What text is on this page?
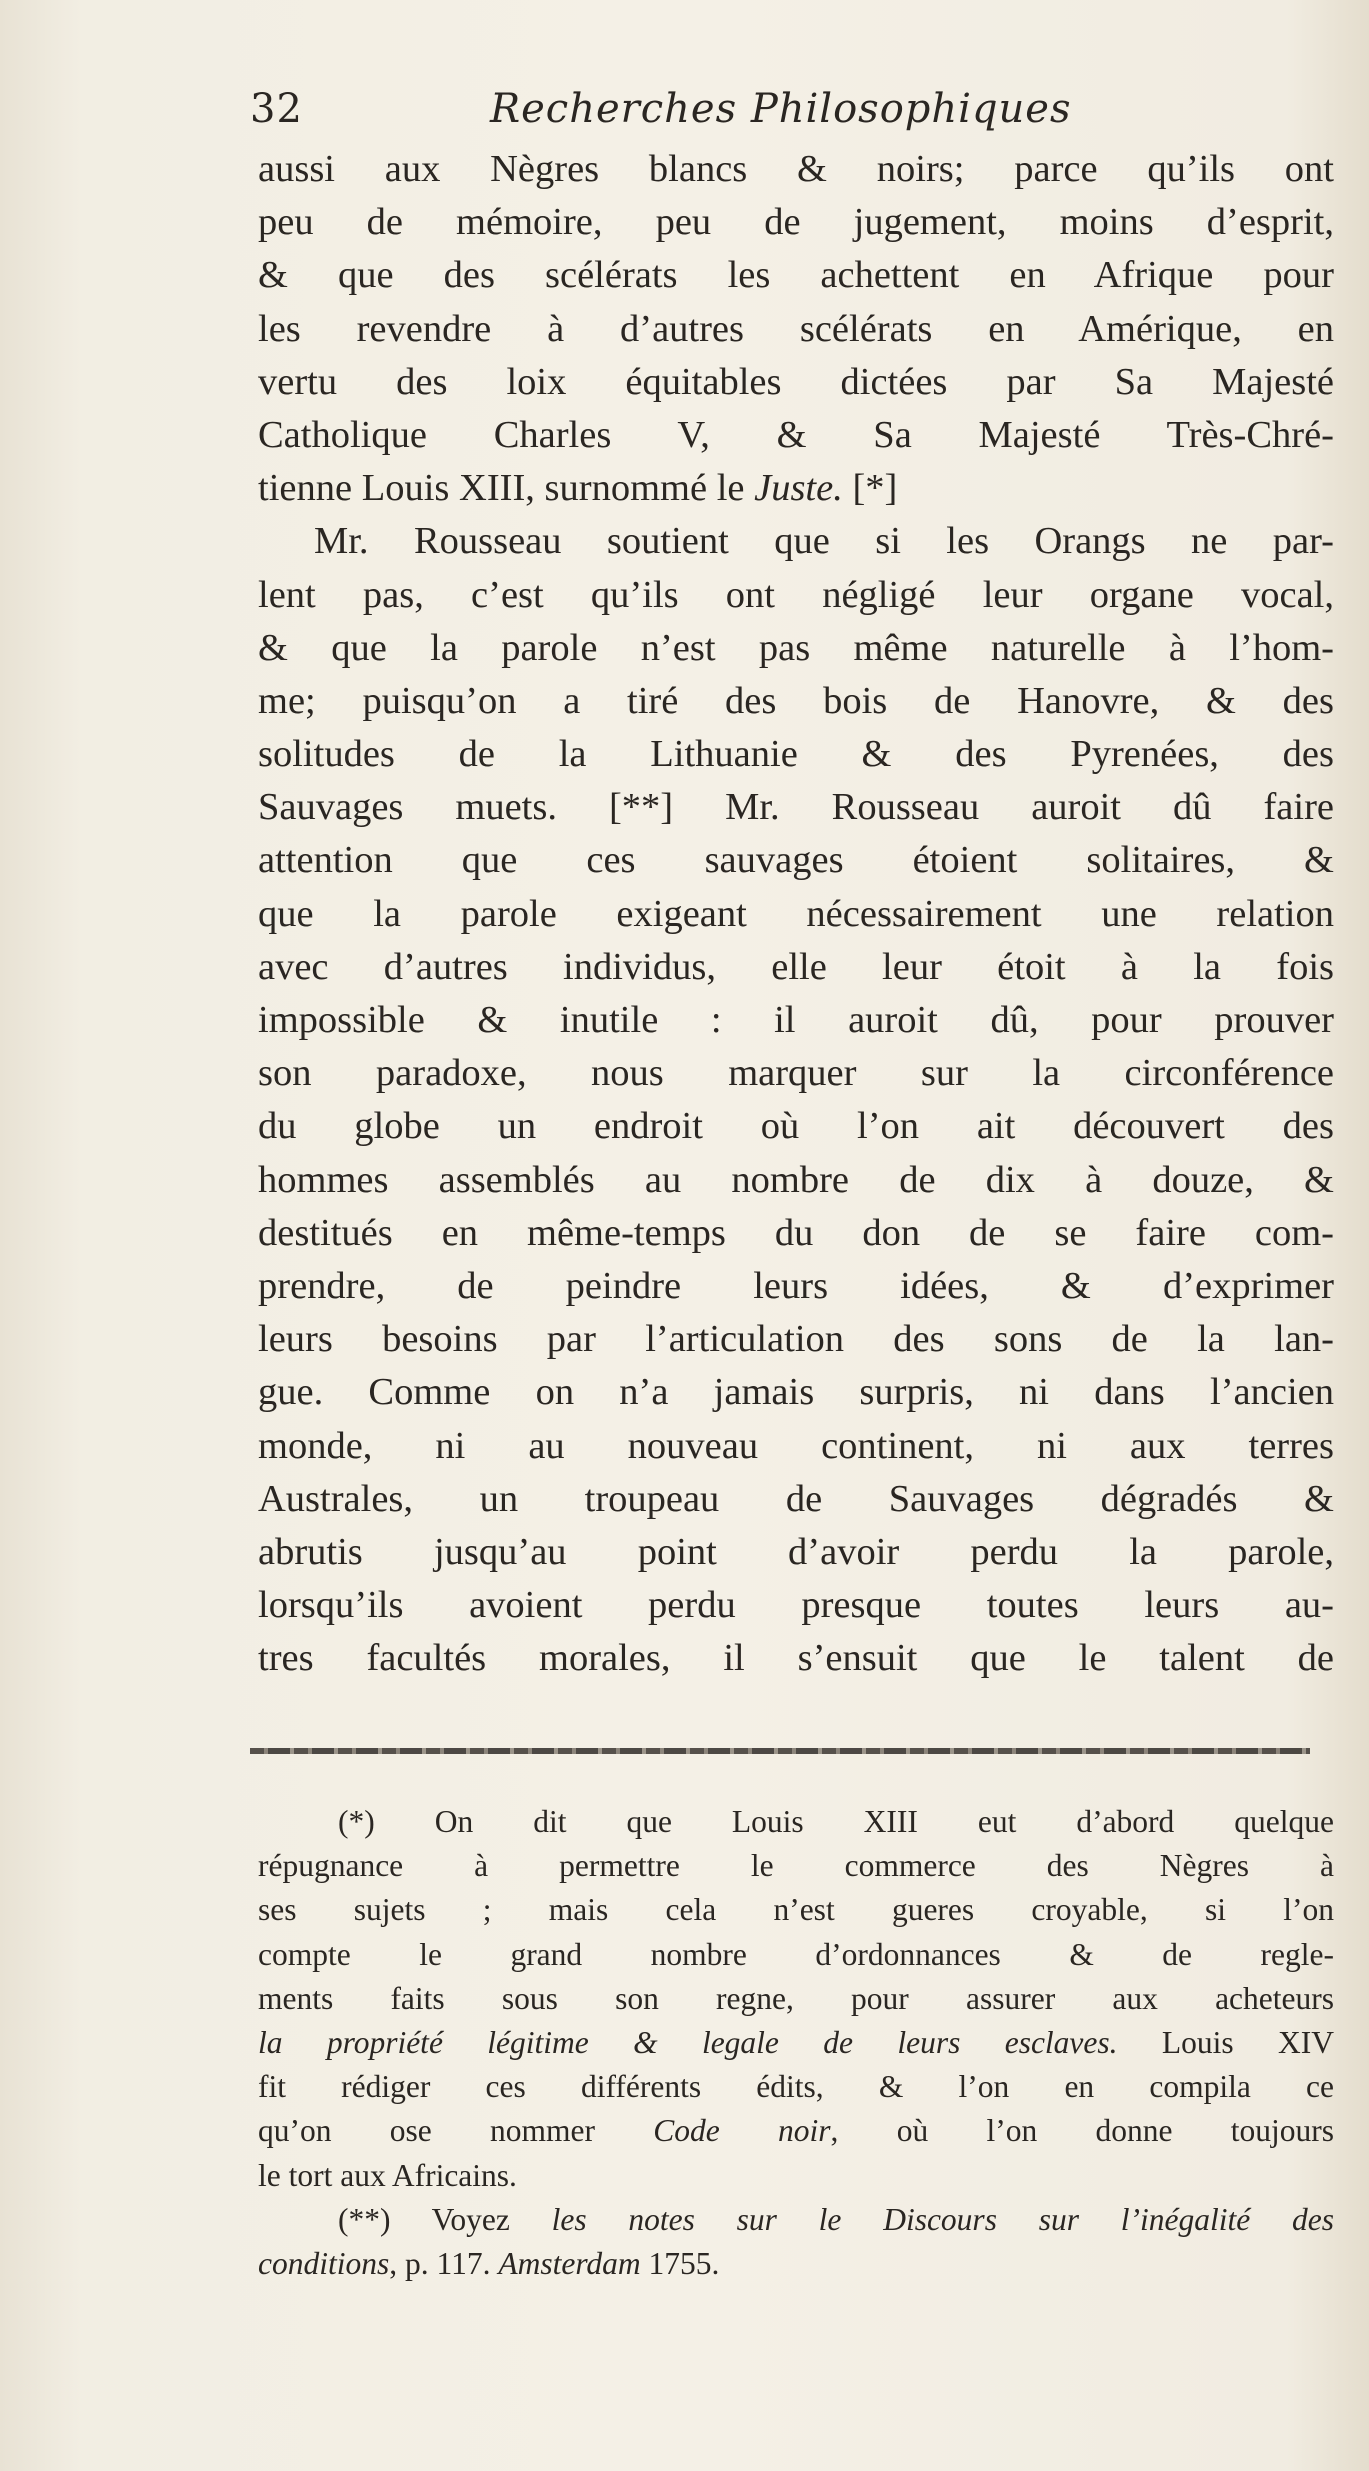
32	Recherches Philosophiques
aussi aux Nègres blancs & noirs; parce qu’ils ont
peu de mémoire, peu de jugement, moins d’esprit,
& que des scélérats les achettent en Afrique pour
les revendre à d’autres scélérats en Amérique, en
vertu des loix équitables dictées par Sa Majesté
Catholique Charles V, & Sa Majesté Très-Chré-
tienne Louis XIII, surnommé le Juste. [*]
Mr. Rousseau soutient que si les Orangs ne par-
lent pas, c’est qu’ils ont négligé leur organe vocal,
& que la parole n’est pas même naturelle à l’hom-
me; puisqu’on a tiré des bois de Hanovre, & des
solitudes de la Lithuanie & des Pyrenées, des
Sauvages muets. [**] Mr. Rousseau auroit dû faire
attention que ces sauvages étoient solitaires, &
que la parole exigeant nécessairement une relation
avec d’autres individus, elle leur étoit à la fois
impossible & inutile : il auroit dû, pour prouver
son paradoxe, nous marquer sur la circonférence
du globe un endroit où l’on ait découvert des
hommes assemblés au nombre de dix à douze, &
destitués en même-temps du don de se faire com-
prendre, de peindre leurs idées, & d’exprimer
leurs besoins par l’articulation des sons de la lan-
gue. Comme on n’a jamais surpris, ni dans l’ancien
monde, ni au nouveau continent, ni aux terres
Australes, un troupeau de Sauvages dégradés &
abrutis jusqu’au point d’avoir perdu la parole,
lorsqu’ils avoient perdu presque toutes leurs au-
tres facultés morales, il s’ensuit que le talent de
(*) On dit que Louis XIII eut d’abord quelque
répugnance à permettre le commerce des Nègres à
ses sujets ; mais cela n’est gueres croyable, si l’on
compte le grand nombre d’ordonnances & de regle-
ments faits sous son regne, pour assurer aux acheteurs
la propriété légitime & legale de leurs esclaves. Louis XIV
fit rédiger ces différents édits, & l’on en compila ce
qu’on ose nommer Code noir, où l’on donne toujours
le tort aux Africains.
(**) Voyez les notes sur le Discours sur l’inégalité des
conditions, p. 117. Amsterdam 1755.
